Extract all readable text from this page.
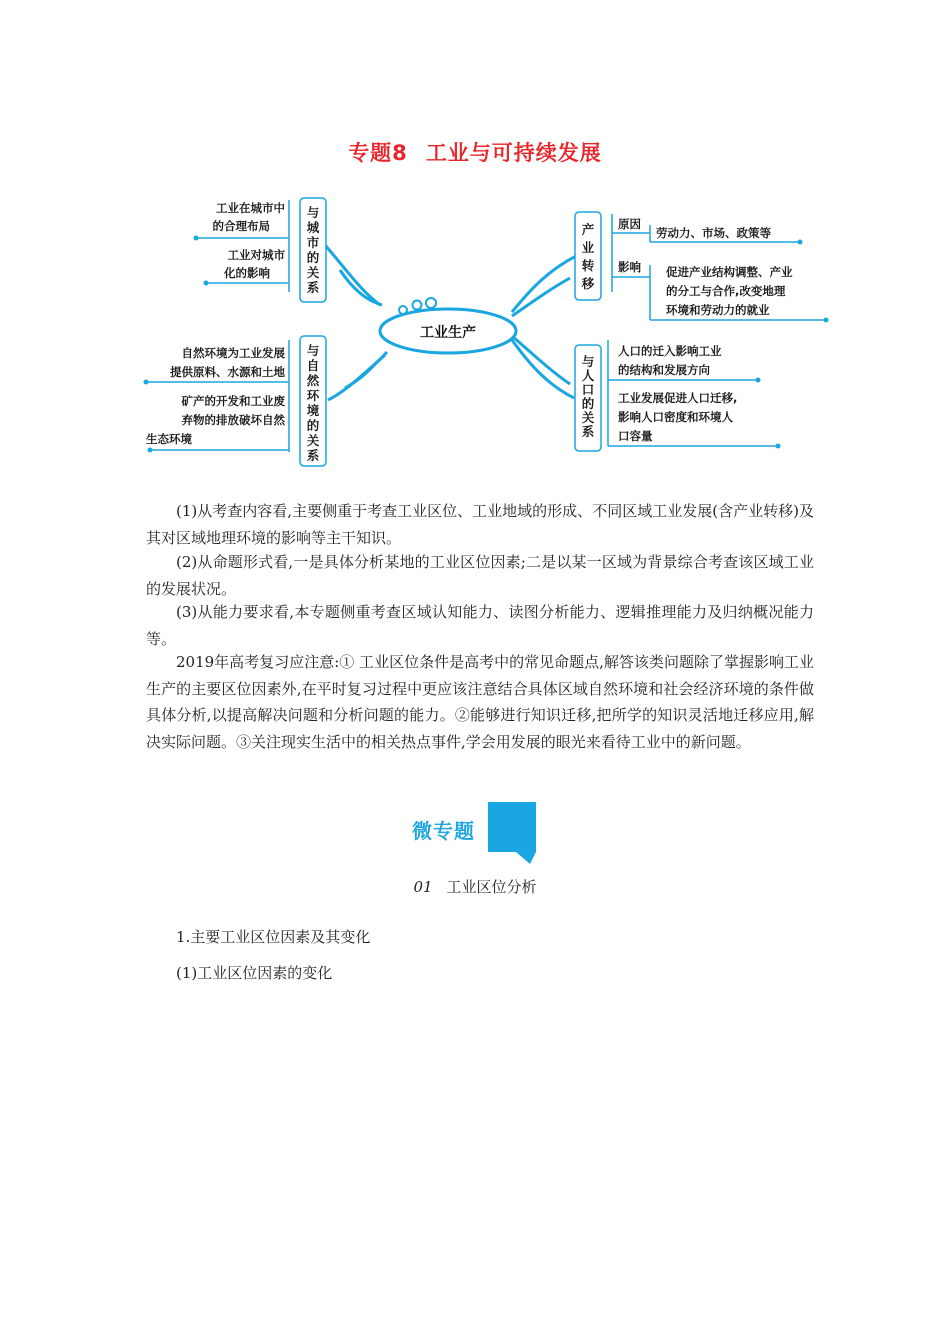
专题8 工业与可持续发展
工业生产
与城市的关系
工业在城市中
的合理布局
工业对城市
化的影响
与自然环境的关系
自然环境为工业发展
提供原料、水源和土地
矿产的开发和工业废
弃物的排放破坏自然
生态环境
产业转移
原因
劳动力、市场、政策等
影响 促进产业结构调整、产业
的分工与合作,改变地理
环境和劳动力的就业
与人口的关系
人口的迁入影响工业
的结构和发展方向
工业发展促进人口迁移,
影响人口密度和环境人
口容量

(1)从考查内容看,主要侧重于考查工业区位、工业地域的形成、不同区域工业发展(含产业转移)及其对区域地理环境的影响等主干知识。

(2)从命题形式看,一是具体分析某地的工业区位因素;二是以某一区域为背景综合考查该区域工业的发展状况。

(3)从能力要求看,本专题侧重考查区域认知能力、读图分析能力、逻辑推理能力及归纳概况能力等。

2019年高考复习应注意:① 工业区位条件是高考中的常见命题点,解答该类问题除了掌握影响工业生产的主要区位因素外,在平时复习过程中更应该注意结合具体区域自然环境和社会经济环境的条件做具体分析,以提高解决问题和分析问题的能力。②能够进行知识迁移,把所学的知识灵活地迁移应用,解决实际问题。③关注现实生活中的相关热点事件,学会用发展的眼光来看待工业中的新问题。

微专题
01 工业区位分析
1.主要工业区位因素及其变化
(1)工业区位因素的变化
